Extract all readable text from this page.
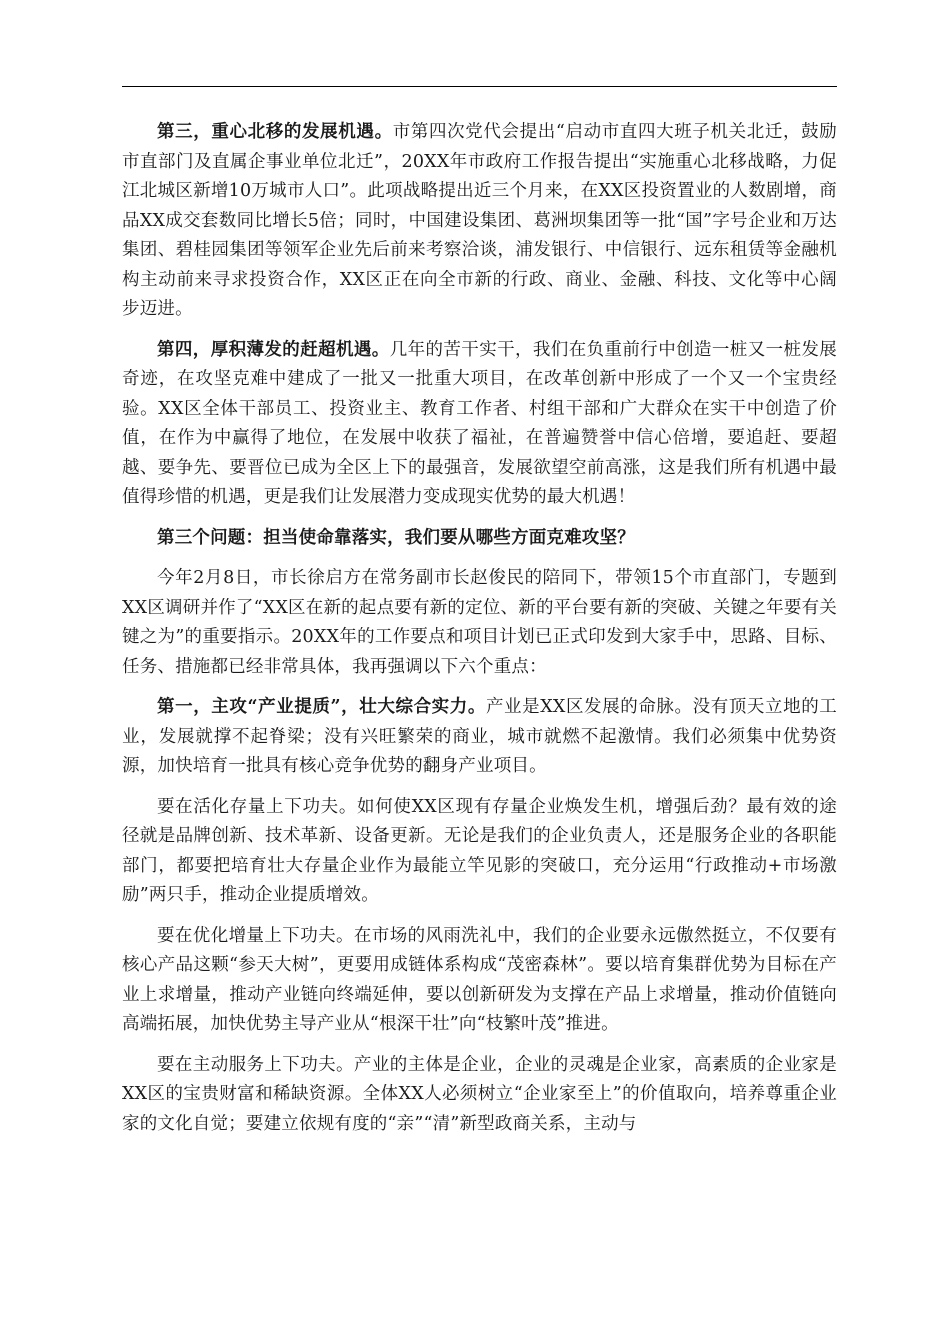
第三，重心北移的发展机遇。市第四次党代会提出“启动市直四大班子机关北迁，鼓励市直部门及直属企事业单位北迁”，20XX年市政府工作报告提出“实施重心北移战略，力促江北城区新增10万城市人口”。此项战略提出近三个月来，在XX区投资置业的人数剧增，商品XX成交套数同比增长5倍；同时，中国建设集团、葛洲坝集团等一批“国”字号企业和万达集团、碧桂园集团等领军企业先后前来考察洽谈，浦发银行、中信银行、远东租赁等金融机构主动前来寻求投资合作，XX区正在向全市新的行政、商业、金融、科技、文化等中心阔步迈进。

第四，厚积薄发的赶超机遇。几年的苦干实干，我们在负重前行中创造一桩又一桩发展奇迹，在攻坚克难中建成了一批又一批重大项目，在改革创新中形成了一个又一个宝贵经验。XX区全体干部员工、投资业主、教育工作者、村组干部和广大群众在实干中创造了价值，在作为中赢得了地位，在发展中收获了福祉，在普遍赞誉中信心倍增，要追赶、要超越、要争先、要晋位已成为全区上下的最强音，发展欲望空前高涨，这是我们所有机遇中最值得珍惜的机遇，更是我们让发展潜力变成现实优势的最大机遇！

第三个问题：担当使命靠落实，我们要从哪些方面克难攻坚？

今年2月8日，市长徐启方在常务副市长赵俊民的陪同下，带领15个市直部门，专题到XX区调研并作了“XX区在新的起点要有新的定位、新的平台要有新的突破、关键之年要有关键之为”的重要指示。20XX年的工作要点和项目计划已正式印发到大家手中，思路、目标、任务、措施都已经非常具体，我再强调以下六个重点：

第一，主攻“产业提质”，壮大综合实力。产业是XX区发展的命脉。没有顶天立地的工业，发展就撑不起脊梁；没有兴旺繁荣的商业，城市就燃不起激情。我们必须集中优势资源，加快培育一批具有核心竞争优势的翻身产业项目。

要在活化存量上下功夫。如何使XX区现有存量企业焕发生机，增强后劲？最有效的途径就是品牌创新、技术革新、设备更新。无论是我们的企业负责人，还是服务企业的各职能部门，都要把培育壮大存量企业作为最能立竿见影的突破口，充分运用“行政推动+市场激励”两只手，推动企业提质增效。

要在优化增量上下功夫。在市场的风雨洗礼中，我们的企业要永远傲然挺立，不仅要有核心产品这颗“参天大树”，更要用成链体系构成“茂密森林”。要以培育集群优势为目标在产业上求增量，推动产业链向终端延伸，要以创新研发为支撑在产品上求增量，推动价值链向高端拓展，加快优势主导产业从“根深干壮”向“枝繁叶茂”推进。

要在主动服务上下功夫。产业的主体是企业，企业的灵魂是企业家，高素质的企业家是XX区的宝贵财富和稀缺资源。全体XX人必须树立“企业家至上”的价值取向，培养尊重企业家的文化自觉；要建立依规有度的“亲”“清”新型政商关系，主动与
